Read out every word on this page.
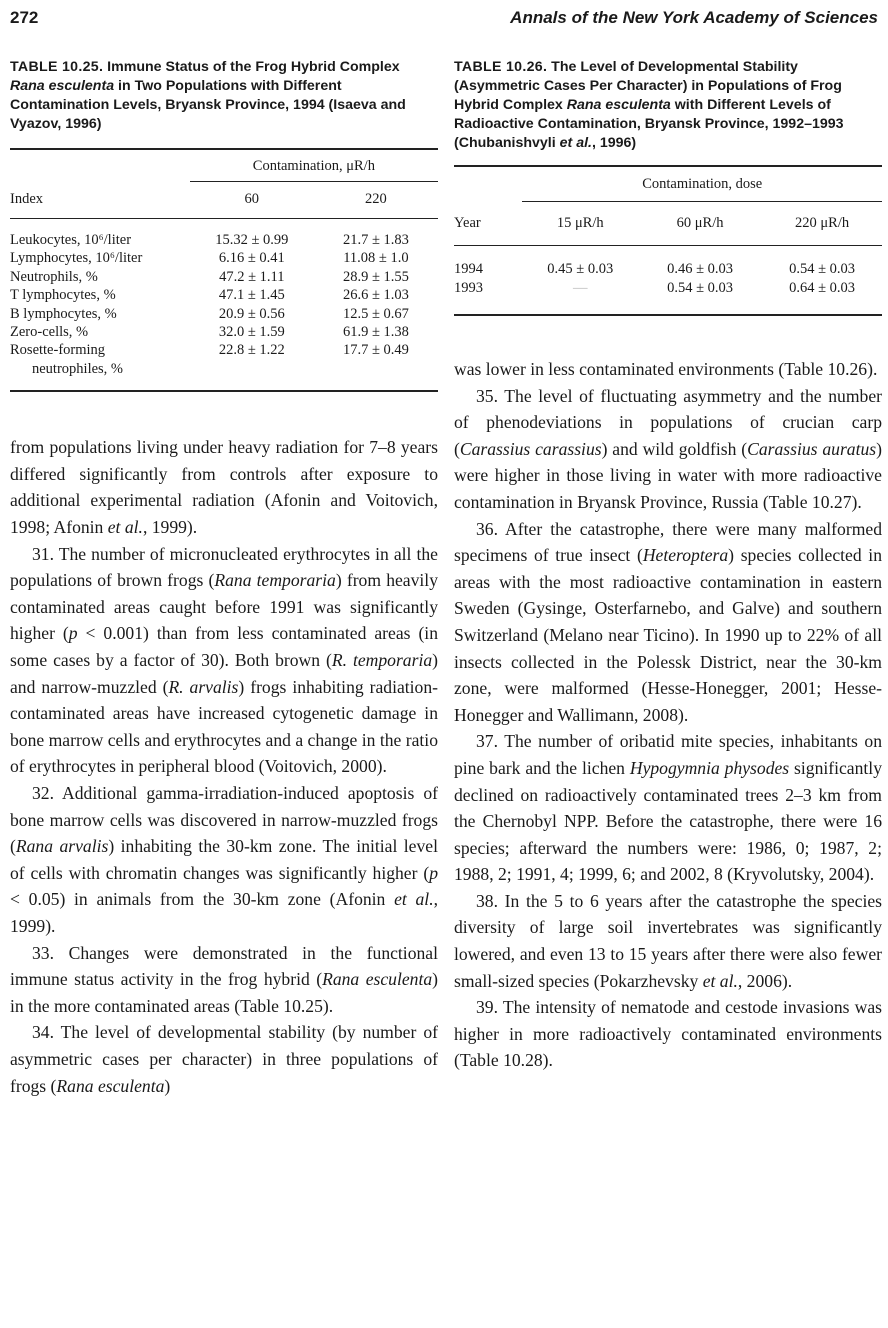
272	Annals of the New York Academy of Sciences
TABLE 10.25. Immune Status of the Frog Hybrid Complex Rana esculenta in Two Populations with Different Contamination Levels, Bryansk Province, 1994 (Isaeva and Vyazov, 1996)
	Contamination, μR/h	
Index	60	220
Leukocytes, 10⁶/liter	15.32 ± 0.99	21.7 ± 1.83
Lymphocytes, 10⁶/liter	6.16 ± 0.41	11.08 ± 1.0
Neutrophils, %	47.2 ± 1.11	28.9 ± 1.55
T lymphocytes, %	47.1 ± 1.45	26.6 ± 1.03
B lymphocytes, %	20.9 ± 0.56	12.5 ± 0.67
Zero-cells, %	32.0 ± 1.59	61.9 ± 1.38
Rosette-forming
neutrophiles, %	22.8 ± 1.22	17.7 ± 0.49

from populations living under heavy radiation for 7–8 years differed significantly from controls after exposure to additional experimental radiation (Afonin and Voitovich, 1998; Afonin et al., 1999).

31. The number of micronucleated erythrocytes in all the populations of brown frogs (Rana temporaria) from heavily contaminated areas caught before 1991 was significantly higher (p < 0.001) than from less contaminated areas (in some cases by a factor of 30). Both brown (R. temporaria) and narrow-muzzled (R. arvalis) frogs inhabiting radiation-contaminated areas have increased cytogenetic damage in bone marrow cells and erythrocytes and a change in the ratio of erythrocytes in peripheral blood (Voitovich, 2000).

32. Additional gamma-irradiation-induced apoptosis of bone marrow cells was discovered in narrow-muzzled frogs (Rana arvalis) inhabiting the 30-km zone. The initial level of cells with chromatin changes was significantly higher (p < 0.05) in animals from the 30-km zone (Afonin et al., 1999).

33. Changes were demonstrated in the functional immune status activity in the frog hybrid (Rana esculenta) in the more contaminated areas (Table 10.25).

34. The level of developmental stability (by number of asymmetric cases per character) in three populations of frogs (Rana esculenta)

TABLE 10.26. The Level of Developmental Stability (Asymmetric Cases Per Character) in Populations of Frog Hybrid Complex Rana esculenta with Different Levels of Radioactive Contamination, Bryansk Province, 1992–1993 (Chubanishvyli et al., 1996)
	Contamination, dose		
Year	15 μR/h	60 μR/h	220 μR/h
1994	0.45 ± 0.03	0.46 ± 0.03	0.54 ± 0.03
1993	—	0.54 ± 0.03	0.64 ± 0.03

was lower in less contaminated environments (Table 10.26).

35. The level of fluctuating asymmetry and the number of phenodeviations in populations of crucian carp (Carassius carassius) and wild goldfish (Carassius auratus) were higher in those living in water with more radioactive contamination in Bryansk Province, Russia (Table 10.27).

36. After the catastrophe, there were many malformed specimens of true insect (Heteroptera) species collected in areas with the most radioactive contamination in eastern Sweden (Gysinge, Osterfarnebo, and Galve) and southern Switzerland (Melano near Ticino). In 1990 up to 22% of all insects collected in the Polessk District, near the 30-km zone, were malformed (Hesse-Honegger, 2001; Hesse-Honegger and Wallimann, 2008).

37. The number of oribatid mite species, inhabitants on pine bark and the lichen Hypogymnia physodes significantly declined on radioactively contaminated trees 2–3 km from the Chernobyl NPP. Before the catastrophe, there were 16 species; afterward the numbers were: 1986, 0; 1987, 2; 1988, 2; 1991, 4; 1999, 6; and 2002, 8 (Kryvolutsky, 2004).

38. In the 5 to 6 years after the catastrophe the species diversity of large soil invertebrates was significantly lowered, and even 13 to 15 years after there were also fewer small-sized species (Pokarzhevsky et al., 2006).

39. The intensity of nematode and cestode invasions was higher in more radioactively contaminated environments (Table 10.28).
